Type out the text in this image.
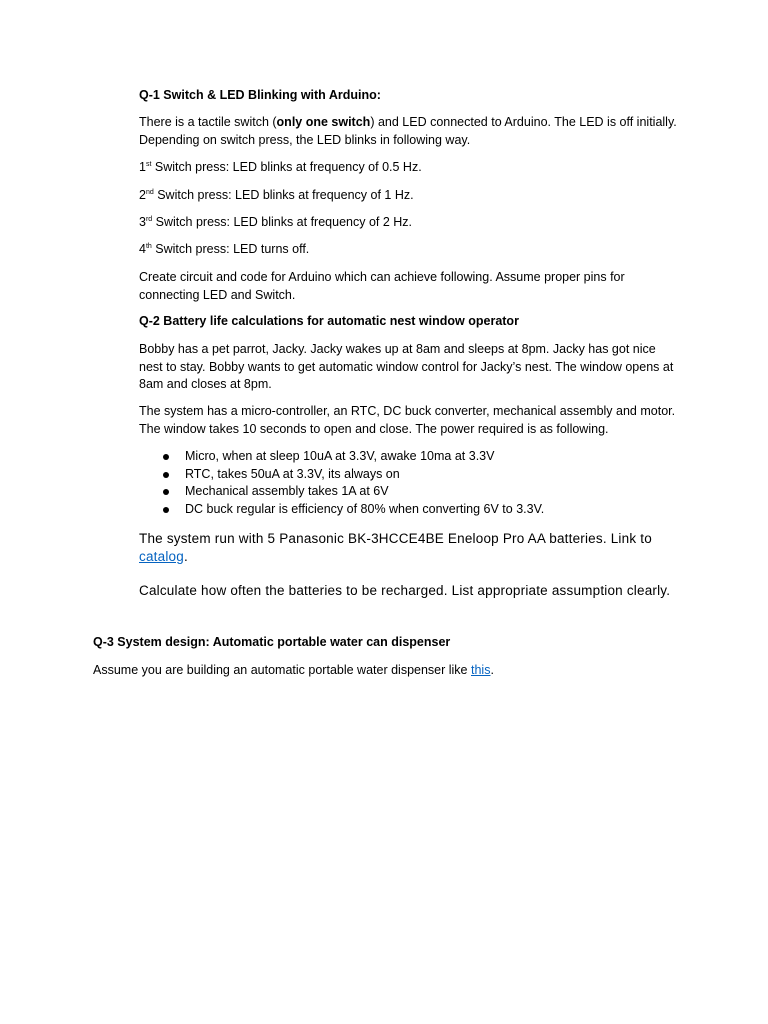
Q-1 Switch & LED Blinking with Arduino:

There is a tactile switch (only one switch) and LED connected to Arduino. The LED is off initially. Depending on switch press, the LED blinks in following way.

1st Switch press: LED blinks at frequency of 0.5 Hz.

2nd Switch press: LED blinks at frequency of 1 Hz.

3rd Switch press: LED blinks at frequency of 2 Hz.

4th Switch press: LED turns off.

Create circuit and code for Arduino which can achieve following. Assume proper pins for connecting LED and Switch.

Q-2 Battery life calculations for automatic nest window operator

Bobby has a pet parrot, Jacky. Jacky wakes up at 8am and sleeps at 8pm. Jacky has got nice nest to stay. Bobby wants to get automatic window control for Jacky’s nest. The window opens at 8am and closes at 8pm.

The system has a micro-controller, an RTC, DC buck converter, mechanical assembly and motor. The window takes 10 seconds to open and close. The power required is as following.

Micro, when at sleep 10uA at 3.3V, awake 10ma at 3.3V
RTC, takes 50uA at 3.3V, its always on
Mechanical assembly takes 1A at 6V
DC buck regular is efficiency of 80% when converting 6V to 3.3V.

The system run with 5 Panasonic BK-3HCCE4BE Eneloop Pro AA batteries. Link to catalog.

Calculate how often the batteries to be recharged. List appropriate assumption clearly.

Q-3 System design: Automatic portable water can dispenser

Assume you are building an automatic portable water dispenser like this.
